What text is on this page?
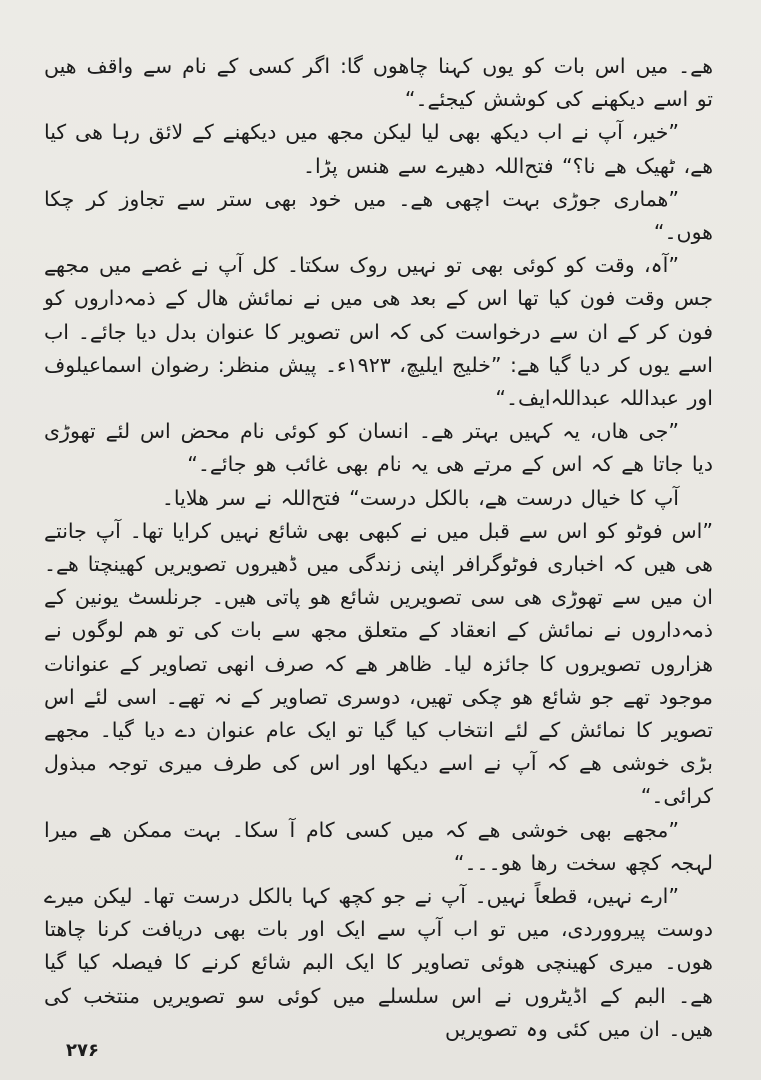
ھے۔ میں اس بات کو یوں کہنا چاھوں گا: اگر کسی کے نام سے واقف ھیں تو اسے دیکھنے کی کوشش کیجئے۔“

”خیر، آپ نے اب دیکھ بھی لیا لیکن مجھ میں دیکھنے کے لائق رہا ھی کیا ھے، ٹھیک ھے نا؟“ فتح‌اللہ دھیرے سے ھنس پڑا۔

”ھماری جوڑی بہت اچھی ھے۔ میں خود بھی ستر سے تجاوز کر چکا ھوں۔“

”آہ، وقت کو کوئی بھی تو نہیں روک سکتا۔ کل آپ نے غصے میں مجھے جس وقت فون کیا تھا اس کے بعد ھی میں نے نمائش ھال کے ذمہ‌داروں کو فون کر کے ان سے درخواست کی کہ اس تصویر کا عنوان بدل دیا جائے۔ اب اسے یوں کر دیا گیا ھے: ”خلیج ایلیچ، ۱۹۲۳ء۔ پیش منظر: رضوان اسماعیلوف اور عبداللہ عبداللہ‌ایف۔“

”جی ھاں، یہ کہیں بہتر ھے۔ انسان کو کوئی نام محض اس لئے تھوڑی دیا جاتا ھے کہ اس کے مرتے ھی یہ نام بھی غائب ھو جائے۔“

آپ کا خیال درست ھے، بالکل درست“ فتح‌اللہ نے سر ھلایا۔

”اس فوٹو کو اس سے قبل میں نے کبھی بھی شائع نہیں کرایا تھا۔ آپ جانتے ھی ھیں کہ اخباری فوٹوگرافر اپنی زندگی میں ڈھیروں تصویریں کھینچتا ھے۔ ان میں سے تھوڑی ھی سی تصویریں شائع ھو پاتی ھیں۔ جرنلسٹ یونین کے ذمہ‌داروں نے نمائش کے انعقاد کے متعلق مجھ سے بات کی تو ھم لوگوں نے ھزاروں تصویروں کا جائزہ لیا۔ ظاھر ھے کہ صرف انھی تصاویر کے عنوانات موجود تھے جو شائع ھو چکی تھیں، دوسری تصاویر کے نہ تھے۔ اسی لئے اس تصویر کا نمائش کے لئے انتخاب کیا گیا تو ایک عام عنوان دے دیا گیا۔ مجھے بڑی خوشی ھے کہ آپ نے اسے دیکھا اور اس کی طرف میری توجہ مبذول کرائی۔“

”مجھے بھی خوشی ھے کہ میں کسی کام آ سکا۔ بہت ممکن ھے میرا لہجہ کچھ سخت رھا ھو۔۔۔“

”ارے نہیں، قطعاً نہیں۔ آپ نے جو کچھ کہا بالکل درست تھا۔ لیکن میرے دوست پیرووردی، میں تو اب آپ سے ایک اور بات بھی دریافت کرنا چاھتا ھوں۔ میری کھینچی ھوئی تصاویر کا ایک البم شائع کرنے کا فیصلہ کیا گیا ھے۔ البم کے اڈیٹروں نے اس سلسلے میں کوئی سو تصویریں منتخب کی ھیں۔ ان میں کئی وہ تصویریں

۲۷۶
